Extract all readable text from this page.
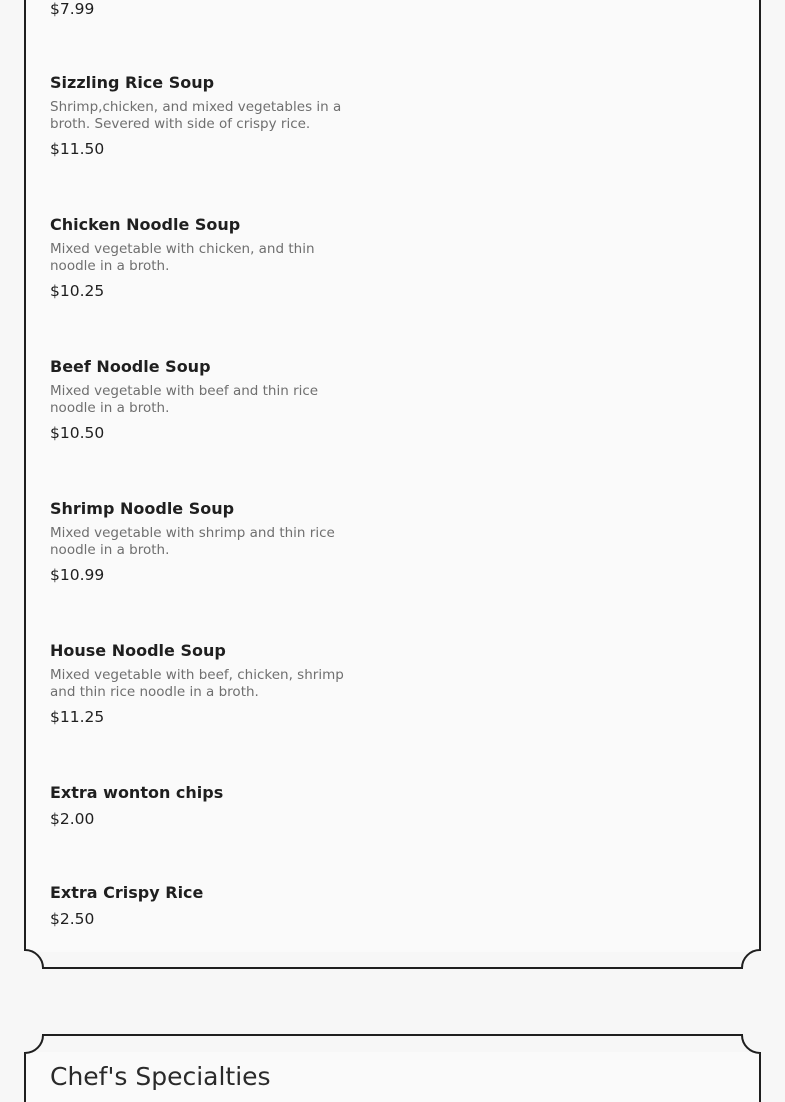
$7.99
Sizzling Rice Soup
Shrimp,chicken, and mixed vegetables in a broth. Severed with side of crispy rice.
$11.50
Chicken Noodle Soup
Mixed vegetable with chicken, and thin noodle in a broth.
$10.25
Beef Noodle Soup
Mixed vegetable with beef and thin rice noodle in a broth.
$10.50
Shrimp Noodle Soup
Mixed vegetable with shrimp and thin rice noodle in a broth.
$10.99
House Noodle Soup
Mixed vegetable with beef, chicken, shrimp and thin rice noodle in a broth.
$11.25
Extra wonton chips
$2.00
Extra Crispy Rice
$2.50
Chef's Specialties
